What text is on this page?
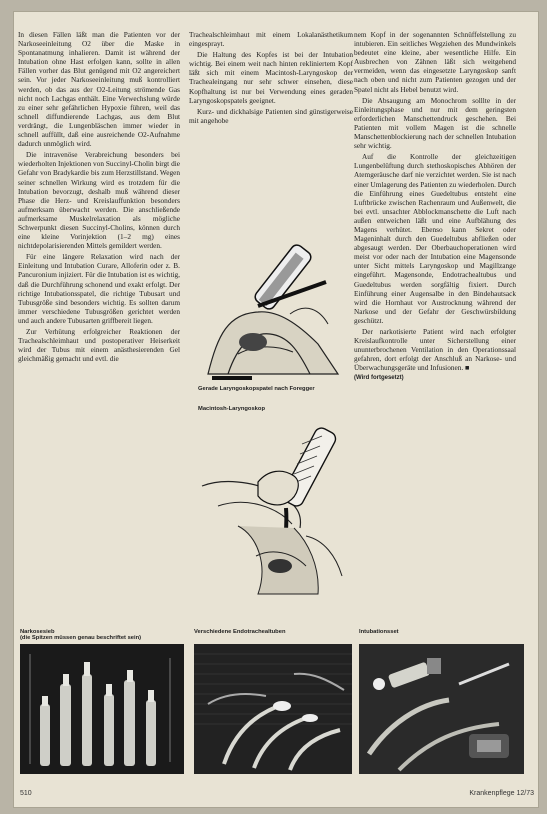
In diesen Fällen läßt man die Patienten vor der Narkoseeinleitung O2 über die Maske in Spontanatmung inhalieren. Damit ist während der Intubation ohne Hast erfolgen kann, sollte in allen Fällen vorher das Blut genügend mit O2 angereichert sein. Vor jeder Narkoseeinleitung muß kontrolliert werden, ob das aus der O2-Leitung strömende Gas nicht noch Lachgas enthält. Eine Verwechslung würde zu einer sehr gefährlichen Hypoxie führen, weil das schnell diffundierende Lachgas, aus dem Blut verdrängt, die Lungenbläschen immer wieder in schnell auffüllt, daß eine ausreichende O2-Aufnahme dadurch unmöglich wird.

Die intravenöse Verabreichung besonders bei wiederholten Injektionen von Succinyl-Cholin birgt die Gefahr von Bradykardie bis zum Herzstillstand. Wegen seiner schnellen Wirkung wird es trotzdem für die Intubation bevorzugt, deshalb muß während dieser Phase die Herz- und Kreislauffunktion besonders aufmerksam überwacht werden. Die anschließende aufmerksame Muskelrelaxation als mögliche Schwerpunkt diesen Succinyl-Cholins, können durch eine kleine Vorinjektion (1–2 mg) eines nichtdepolarisierenden Mittels gemildert werden.

Für eine längere Relaxation wird nach der Einleitung und Intubation Curare, Alloferin oder z. B. Pancuronium injiziert. Für die Intubation ist es wichtig, daß die Durchführung schonend und exakt erfolgt. Der richtige Intubationsspatel, die richtige Tubusart und Tubusgröße sind besonders wichtig. Es sollten darum immer verschiedene Tubusgrößen gerichtet werden und auch andere Tubusarten griffbereit liegen.

Zur Verhütung erfolgreicher Reaktionen der Trachealschleimhaut und postoperativer Heiserkeit wird der Tubus mit einem anästhesierenden Gel gleichmäßig gemacht und evtl. die

Trachealschleimhaut mit einem Lokalanästhetikum eingesprayt.

Die Haltung des Kopfes ist bei der Intubation wichtig. Bei einem weit nach hinten rekliniertem Kopf läßt sich mit einem Macintosh-Laryngoskop der Trachealeingang nur sehr schwer einsehen, diese Kopfhaltung ist nur bei Verwendung eines geraden Laryngoskopspatels geeignet.

Kurz- und dickhalsige Patienten sind günstigerweise mit angehobe

Gerade Laryngoskopspatel nach Foregger
Macintosh-Laryngoskop

nem Kopf in der sogenannten Schnüffelstellung zu intubieren. Ein seitliches Wegziehen des Mundwinkels bedeutet eine kleine, aber wesentliche Hilfe. Ein Ausbrechen von Zähnen läßt sich weitgehend vermeiden, wenn das eingesetzte Laryngoskop sanft nach oben und nicht zum Patienten gezogen und der Spatel nicht als Hebel benutzt wird.

Die Absaugung am Monochrom solllte in der Einleitungsphase und nur mit dem geringsten erforderlichen Manschettendruck geschehen. Bei Patienten mit vollem Magen ist die schnelle Manschettenblockierung nach der schnellen Intubation sehr wichtig.

Auf die Kontrolle der gleichzeitigen Lungenbelüftung durch stethoskopisches Abhören der Atemgeräusche darf nie verzichtet werden. Sie ist nach einer Umlagerung des Patienten zu wiederholen. Durch die Einführung eines Guedeltubus entsteht eine Luftbrücke zwischen Rachenraum und Außenwelt, die bei evtl. unsachter Abblockmanschette die Luft nach außen entweichen läßt und eine Aufblähung des Magens verhütet. Ebenso kann Sekret oder Mageninhalt durch den Guedeltubus abfließen oder abgesaugt werden. Der Oberbauchoperationen wird meist vor oder nach der Intubation eine Magensonde unter Sicht mittels Laryngoskop und Magillzange eingeführt. Magensonde, Endotrachealtubus und Guedeltubus werden sorgfältig fixiert. Durch Einführung einer Augensalbe in den Bindehautsack wird die Hornhaut vor Austrocknung während der Narkose und der Gefahr der Geschwürsbildung geschützt.

Der narkotisierte Patient wird nach erfolgter Kreislaufkontrolle unter Sicherstellung einer ununterbrochenen Ventilation in den Operationssaal gefahren, dort erfolgt der Anschluß an Narkose- und Überwachungsgeräte und Infusionen. ■

(Wird fortgesetzt)

Narkosesieb
(die Spitzen müssen genau beschriftet sein)
Verschiedene Endotrachealtuben	Intubationsset
510	Krankenpflege 12/73
